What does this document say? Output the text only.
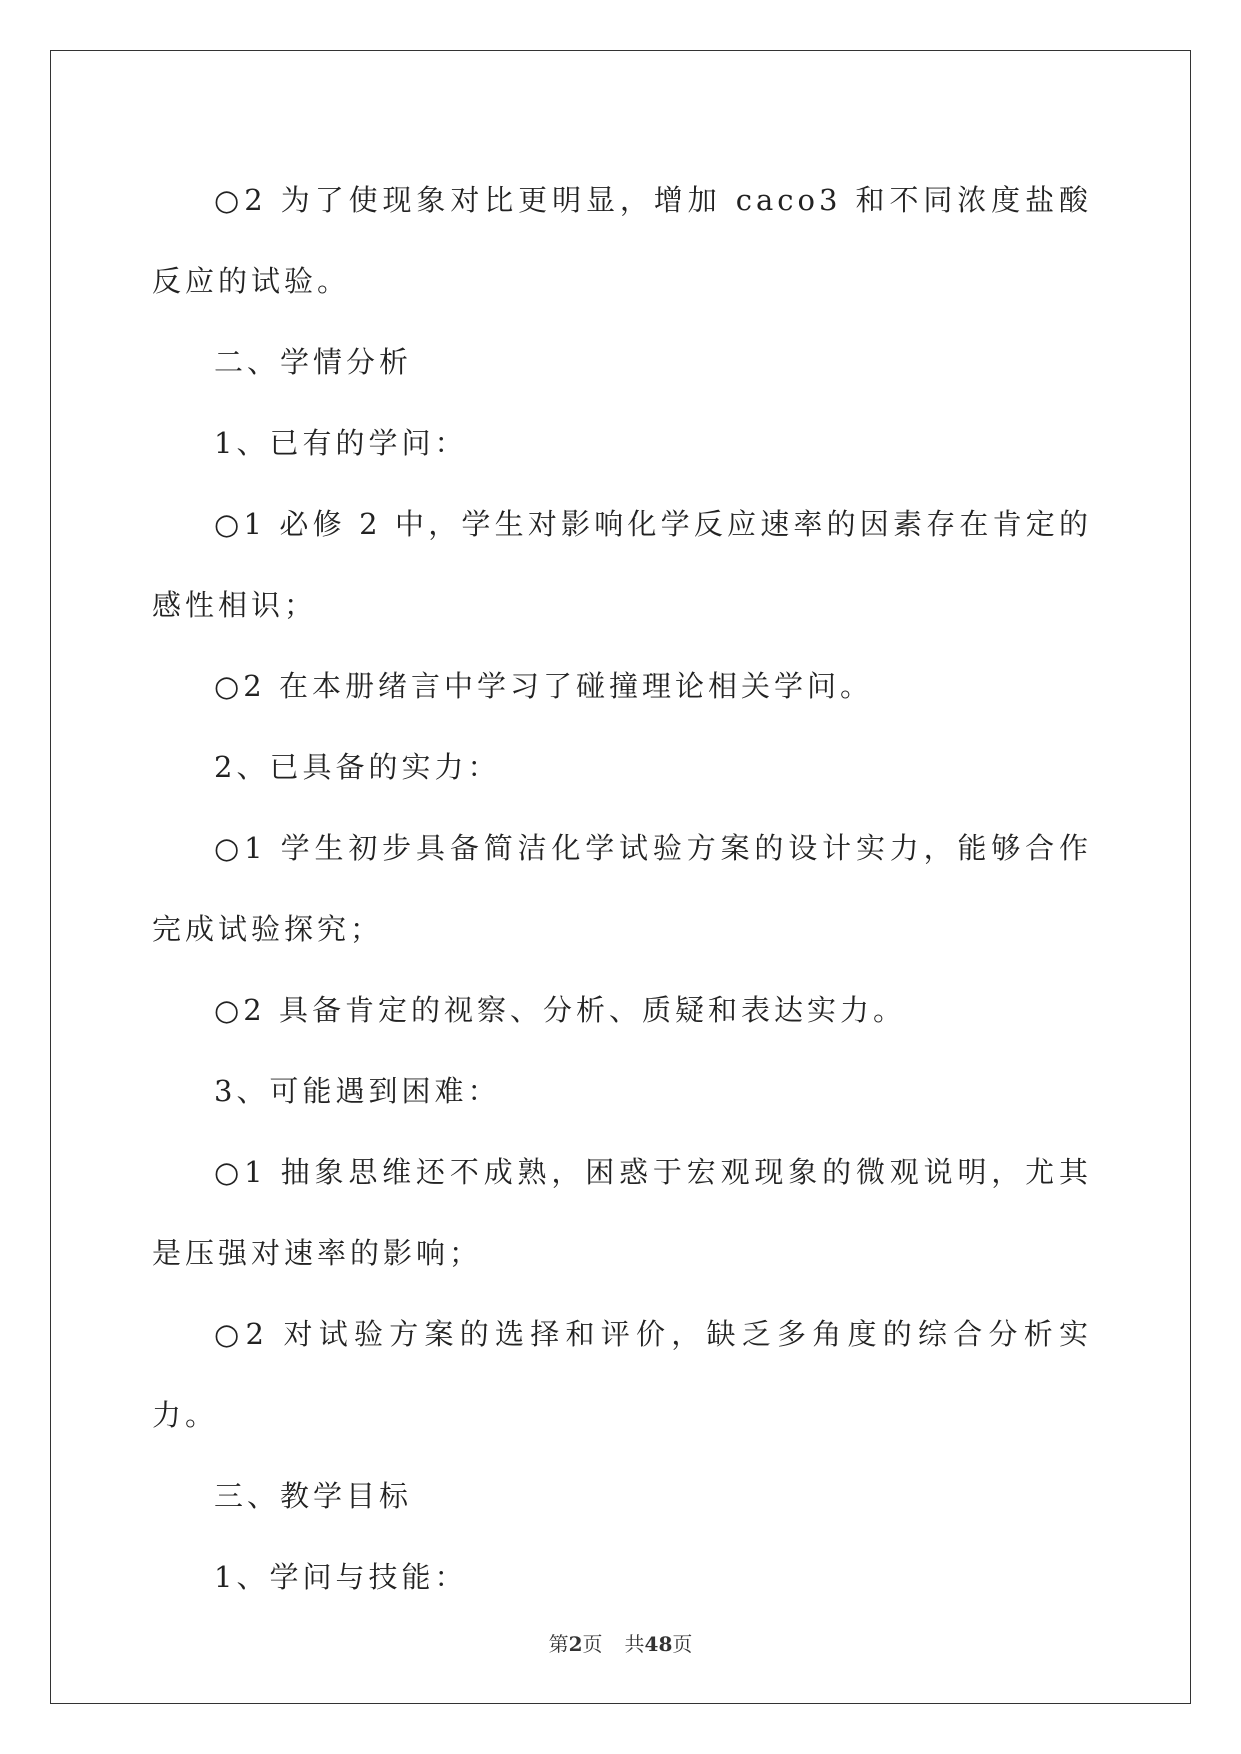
○2 为了使现象对比更明显，增加 caco3 和不同浓度盐酸反应的试验。

二、学情分析

1、已有的学问：

○1 必修 2 中，学生对影响化学反应速率的因素存在肯定的感性相识；

○2 在本册绪言中学习了碰撞理论相关学问。

2、已具备的实力：

○1 学生初步具备简洁化学试验方案的设计实力，能够合作完成试验探究；

○2 具备肯定的视察、分析、质疑和表达实力。

3、可能遇到困难：

○1 抽象思维还不成熟，困惑于宏观现象的微观说明，尤其是压强对速率的影响；

○2 对试验方案的选择和评价，缺乏多角度的综合分析实力。

三、教学目标

1、学问与技能：

第2页 共48页
